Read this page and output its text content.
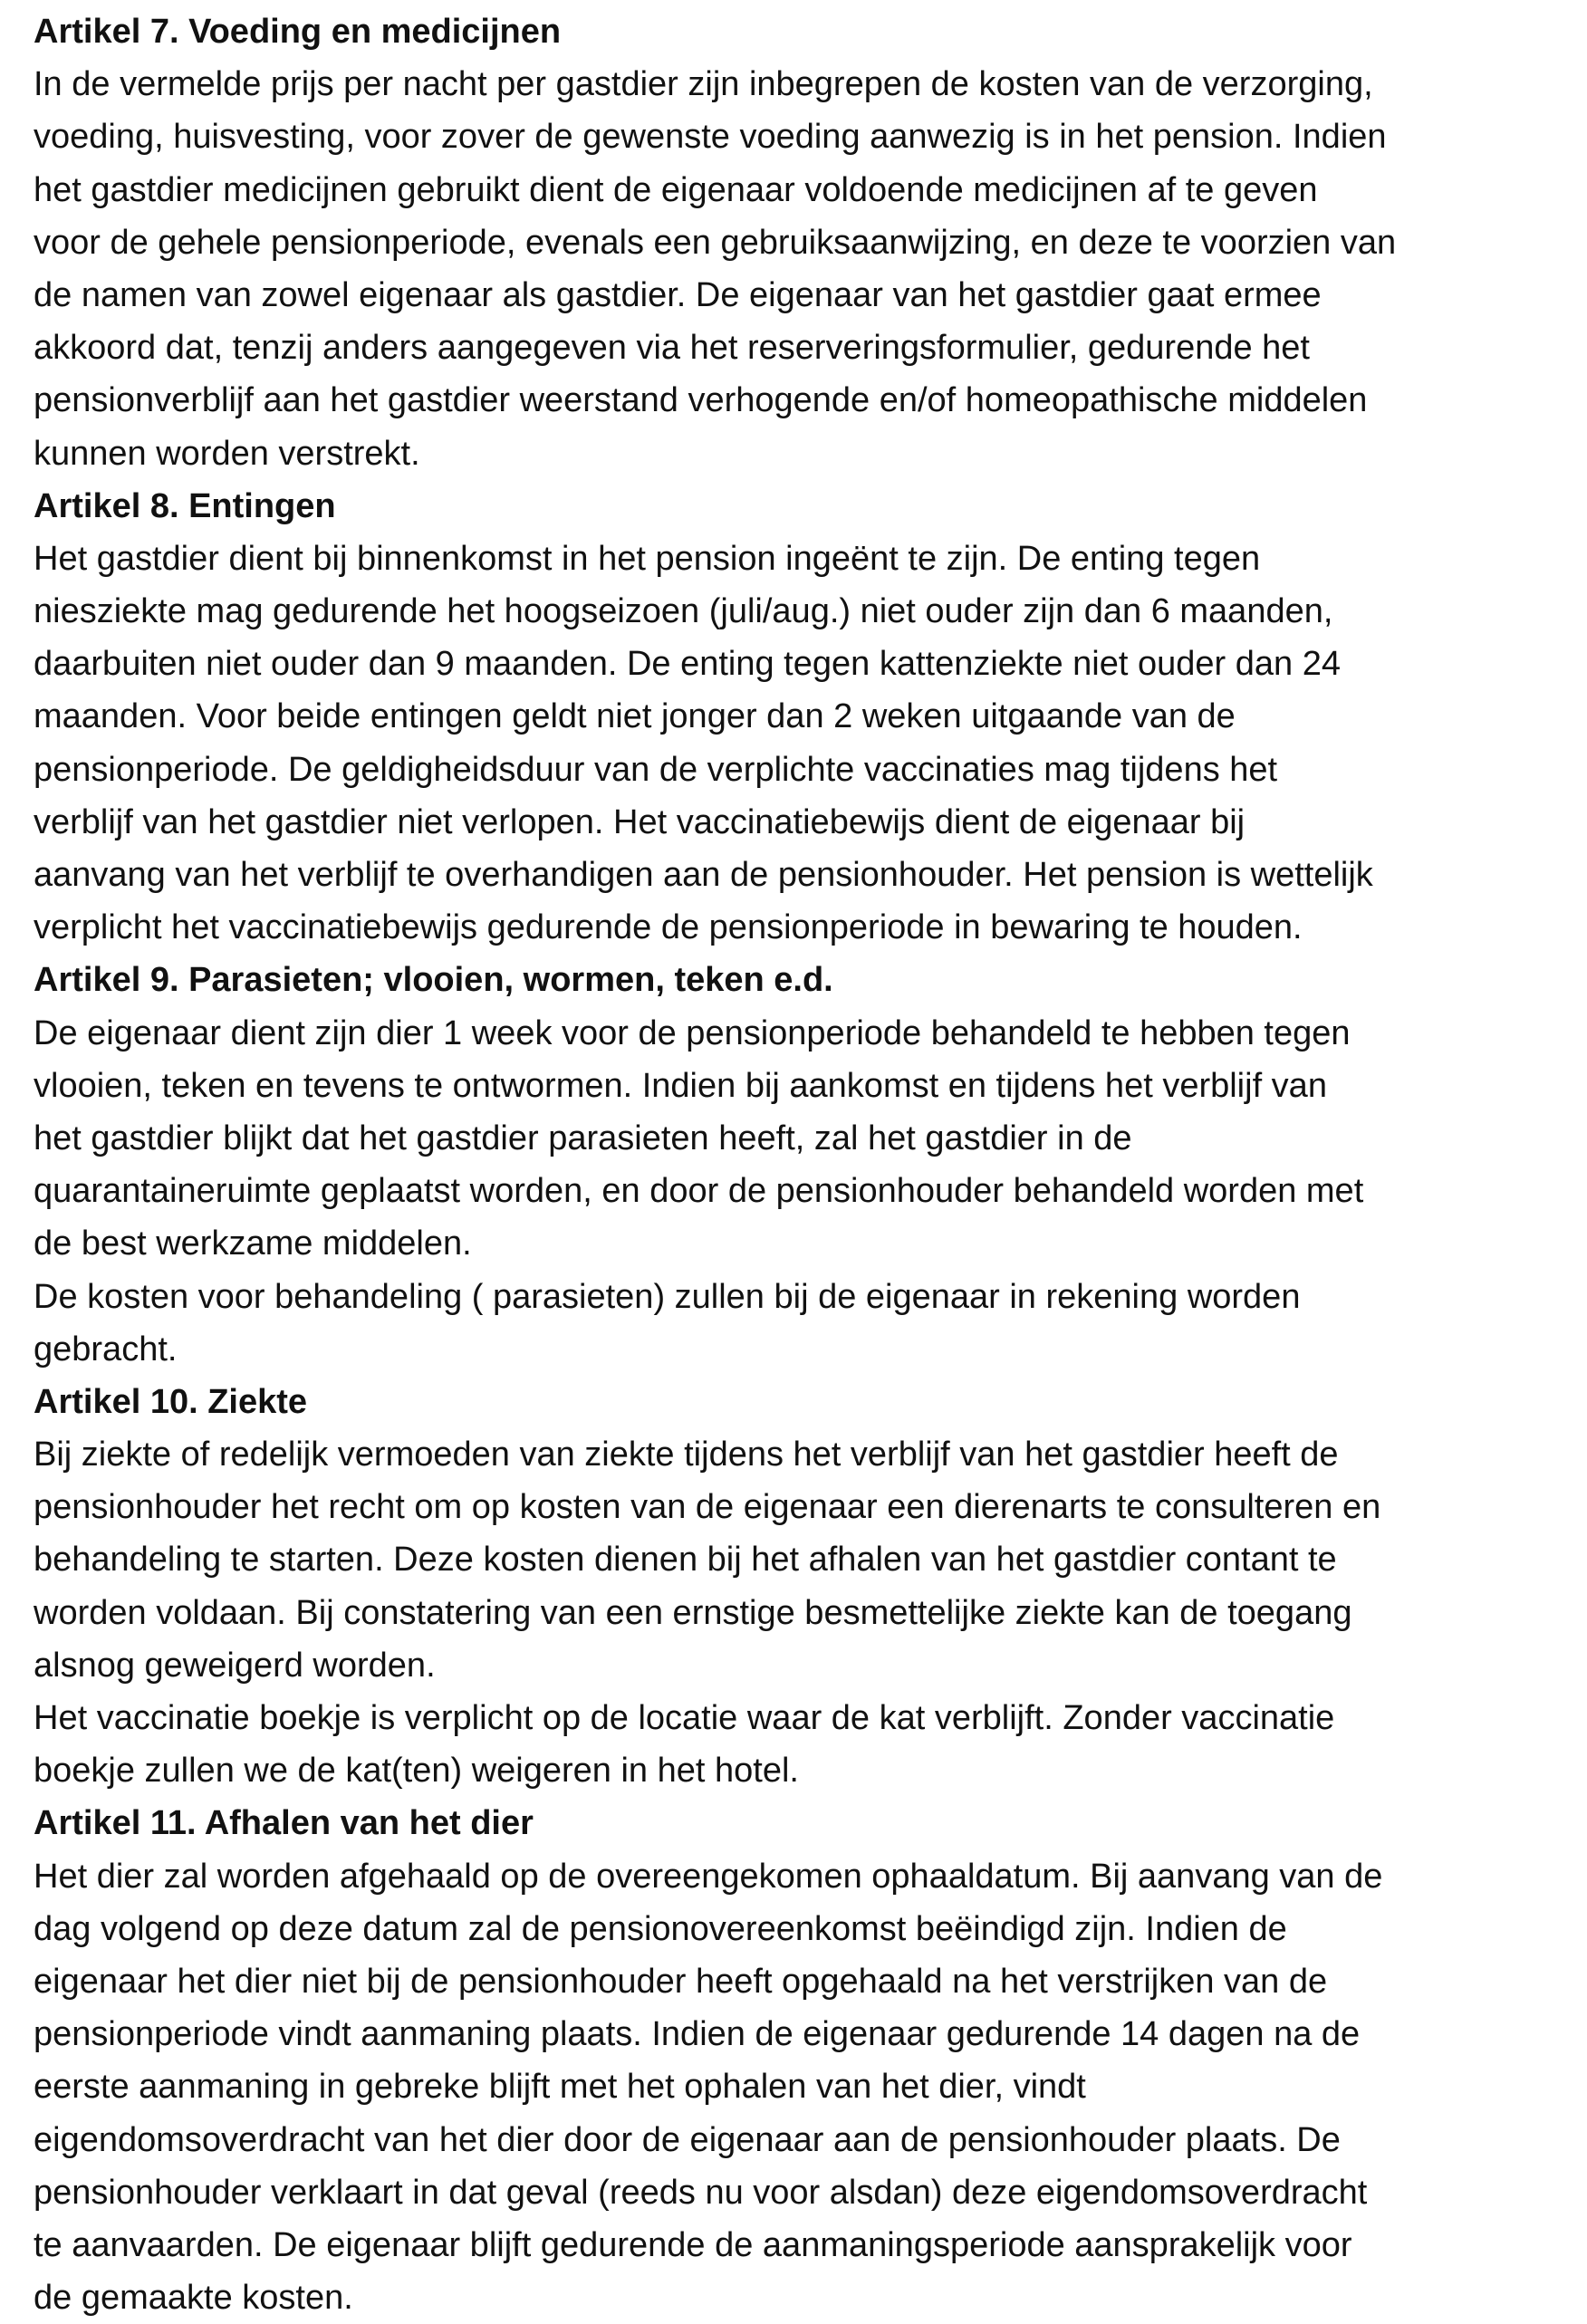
Artikel 7. Voeding en medicijnen
In de vermelde prijs per nacht per gastdier zijn inbegrepen de kosten van de verzorging,
voeding, huisvesting, voor zover de gewenste voeding aanwezig is in het pension. Indien
het gastdier medicijnen gebruikt dient de eigenaar voldoende medicijnen af te geven
voor de gehele pensionperiode, evenals een gebruiksaanwijzing, en deze te voorzien van
de namen van zowel eigenaar als gastdier. De eigenaar van het gastdier gaat ermee
akkoord dat, tenzij anders aangegeven via het reserveringsformulier, gedurende het
pensionverblijf aan het gastdier weerstand verhogende en/of homeopathische middelen
kunnen worden verstrekt.
Artikel 8. Entingen
Het gastdier dient bij binnenkomst in het pension ingeënt te zijn. De enting tegen
niesziekte mag gedurende het hoogseizoen (juli/aug.) niet ouder zijn dan 6 maanden,
daarbuiten niet ouder dan 9 maanden. De enting tegen kattenziekte niet ouder dan 24
maanden. Voor beide entingen geldt niet jonger dan 2 weken uitgaande van de
pensionperiode. De geldigheidsduur van de verplichte vaccinaties mag tijdens het
verblijf van het gastdier niet verlopen. Het vaccinatiebewijs dient de eigenaar bij
aanvang van het verblijf te overhandigen aan de pensionhouder. Het pension is wettelijk
verplicht het vaccinatiebewijs gedurende de pensionperiode in bewaring te houden.
Artikel 9. Parasieten; vlooien, wormen, teken e.d.
De eigenaar dient zijn dier 1 week voor de pensionperiode behandeld te hebben tegen
vlooien, teken en tevens te ontwormen. Indien bij aankomst en tijdens het verblijf van
het gastdier blijkt dat het gastdier parasieten heeft, zal het gastdier in de
quarantaineruimte geplaatst worden, en door de pensionhouder behandeld worden met
de best werkzame middelen.
De kosten voor behandeling ( parasieten) zullen bij de eigenaar in rekening worden
gebracht.
Artikel 10. Ziekte
Bij ziekte of redelijk vermoeden van ziekte tijdens het verblijf van het gastdier heeft de
pensionhouder het recht om op kosten van de eigenaar een dierenarts te consulteren en
behandeling te starten. Deze kosten dienen bij het afhalen van het gastdier contant te
worden voldaan. Bij constatering van een ernstige besmettelijke ziekte kan de toegang
alsnog geweigerd worden.
Het vaccinatie boekje is verplicht op de locatie waar de kat verblijft. Zonder vaccinatie
boekje zullen we de kat(ten) weigeren in het hotel.
Artikel 11. Afhalen van het dier
Het dier zal worden afgehaald op de overeengekomen ophaaldatum. Bij aanvang van de
dag volgend op deze datum zal de pensionovereenkomst beëindigd zijn. Indien de
eigenaar het dier niet bij de pensionhouder heeft opgehaald na het verstrijken van de
pensionperiode vindt aanmaning plaats. Indien de eigenaar gedurende 14 dagen na de
eerste aanmaning in gebreke blijft met het ophalen van het dier, vindt
eigendomsoverdracht van het dier door de eigenaar aan de pensionhouder plaats. De
pensionhouder verklaart in dat geval (reeds nu voor alsdan) deze eigendomsoverdracht
te aanvaarden. De eigenaar blijft gedurende de aanmaningsperiode aansprakelijk voor
de gemaakte kosten.
